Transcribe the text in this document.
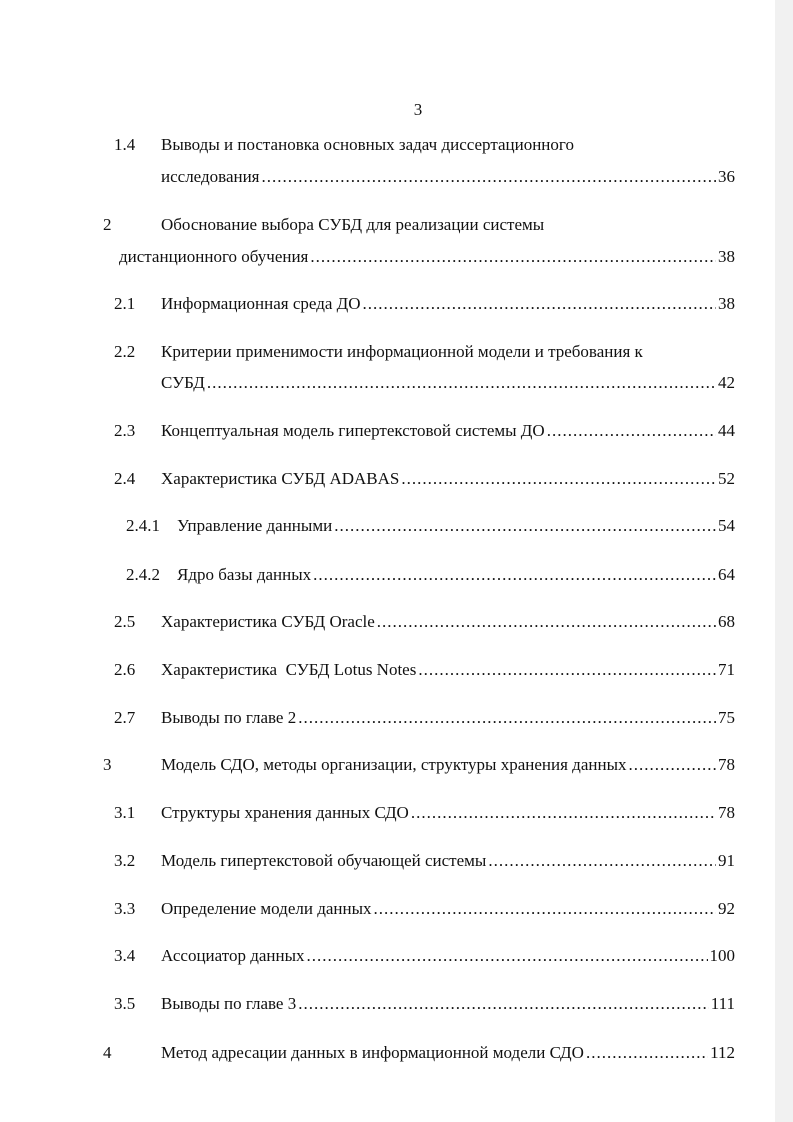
3
1.4 Выводы и постановка основных задач диссертационного
исследования .....	36
2	Обоснование выбора СУБД для реализации системы
дистанционного обучения .....	38
2.1 Информационная среда ДО .....	38
2.2 Критерии применимости информационной модели и требования к
СУБД .....	42
2.3 Концептуальная модель гипертекстовой системы ДО .....	44
2.4 Характеристика СУБД ADABAS .....	52
2.4.1 Управление данными .....	54
2.4.2 Ядро базы данных .....	64
2.5 Характеристика СУБД Oracle .....	68
2.6 Характеристика  СУБД Lotus Notes .....	71
2.7 Выводы по главе 2 .....	75
3	Модель СДО, методы организации, структуры хранения данных .....	78
3.1 Структуры хранения данных СДО .....	78
3.2 Модель гипертекстовой обучающей системы .....	91
3.3 Определение модели данных .....	92
3.4 Ассоциатор данных .....	100
3.5 Выводы по главе 3 .....	111
4	Метод адресации данных в информационной модели СДО .....	112
